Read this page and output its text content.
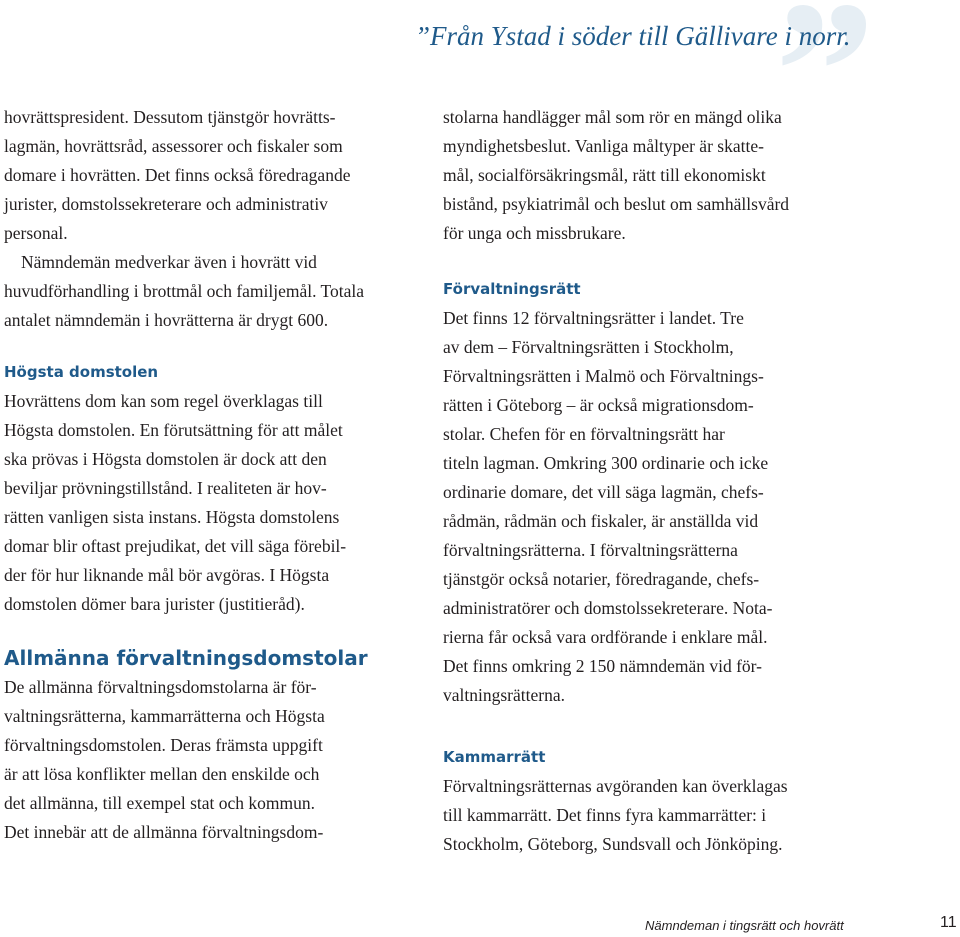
”
”Från Ystad i söder till Gällivare i norr.

hovrättspresident. Dessutom tjänstgör hovrätts-
lagmän, hovrättsråd, assessorer och fiskaler som
domare i hovrätten. Det finns också föredragande
jurister, domstolssekreterare och administrativ
personal.

Nämndemän medverkar även i hovrätt vid
huvudförhandling i brottmål och familjemål. Totala
antalet nämndemän i hovrätterna är drygt 600.

Högsta domstolen

Hovrättens dom kan som regel överklagas till
Högsta domstolen. En förutsättning för att målet
ska prövas i Högsta domstolen är dock att den
beviljar prövningstillstånd. I realiteten är hov-
rätten vanligen sista instans. Högsta domstolens
domar blir oftast prejudikat, det vill säga förebil-
der för hur liknande mål bör avgöras. I Högsta
domstolen dömer bara jurister (justitieråd).

Allmänna förvaltningsdomstolar

De allmänna förvaltningsdomstolarna är för-
valtningsrätterna, kammarrätterna och Högsta
förvaltningsdomstolen. Deras främsta uppgift
är att lösa konflikter mellan den enskilde och
det allmänna, till exempel stat och kommun.
Det innebär att de allmänna förvaltningsdom-

stolarna handlägger mål som rör en mängd olika
myndighetsbeslut. Vanliga måltyper är skatte-
mål, socialförsäkringsmål, rätt till ekonomiskt
bistånd, psykiatrimål och beslut om samhällsvård
för unga och missbrukare.

Förvaltningsrätt

Det finns 12 förvaltningsrätter i landet. Tre
av dem – Förvaltningsrätten i Stockholm,
Förvaltningsrätten i Malmö och Förvaltnings-
rätten i Göteborg – är också migrationsdom-
stolar. Chefen för en förvaltningsrätt har
titeln lagman. Omkring 300 ordinarie och icke
ordinarie domare, det vill säga lagmän, chefs-
rådmän, rådmän och fiskaler, är anställda vid
förvaltningsrätterna. I förvaltningsrätterna
tjänstgör också notarier, föredragande, chefs-
administratörer och domstolssekreterare. Nota-
rierna får också vara ordförande i enklare mål.
Det finns omkring 2 150 nämndemän vid för-
valtningsrätterna.

Kammarrätt

Förvaltningsrätternas avgöranden kan överklagas
till kammarrätt. Det finns fyra kammarrätter: i
Stockholm, Göteborg, Sundsvall och Jönköping.

Nämndeman i tingsrätt och hovrätt	11
